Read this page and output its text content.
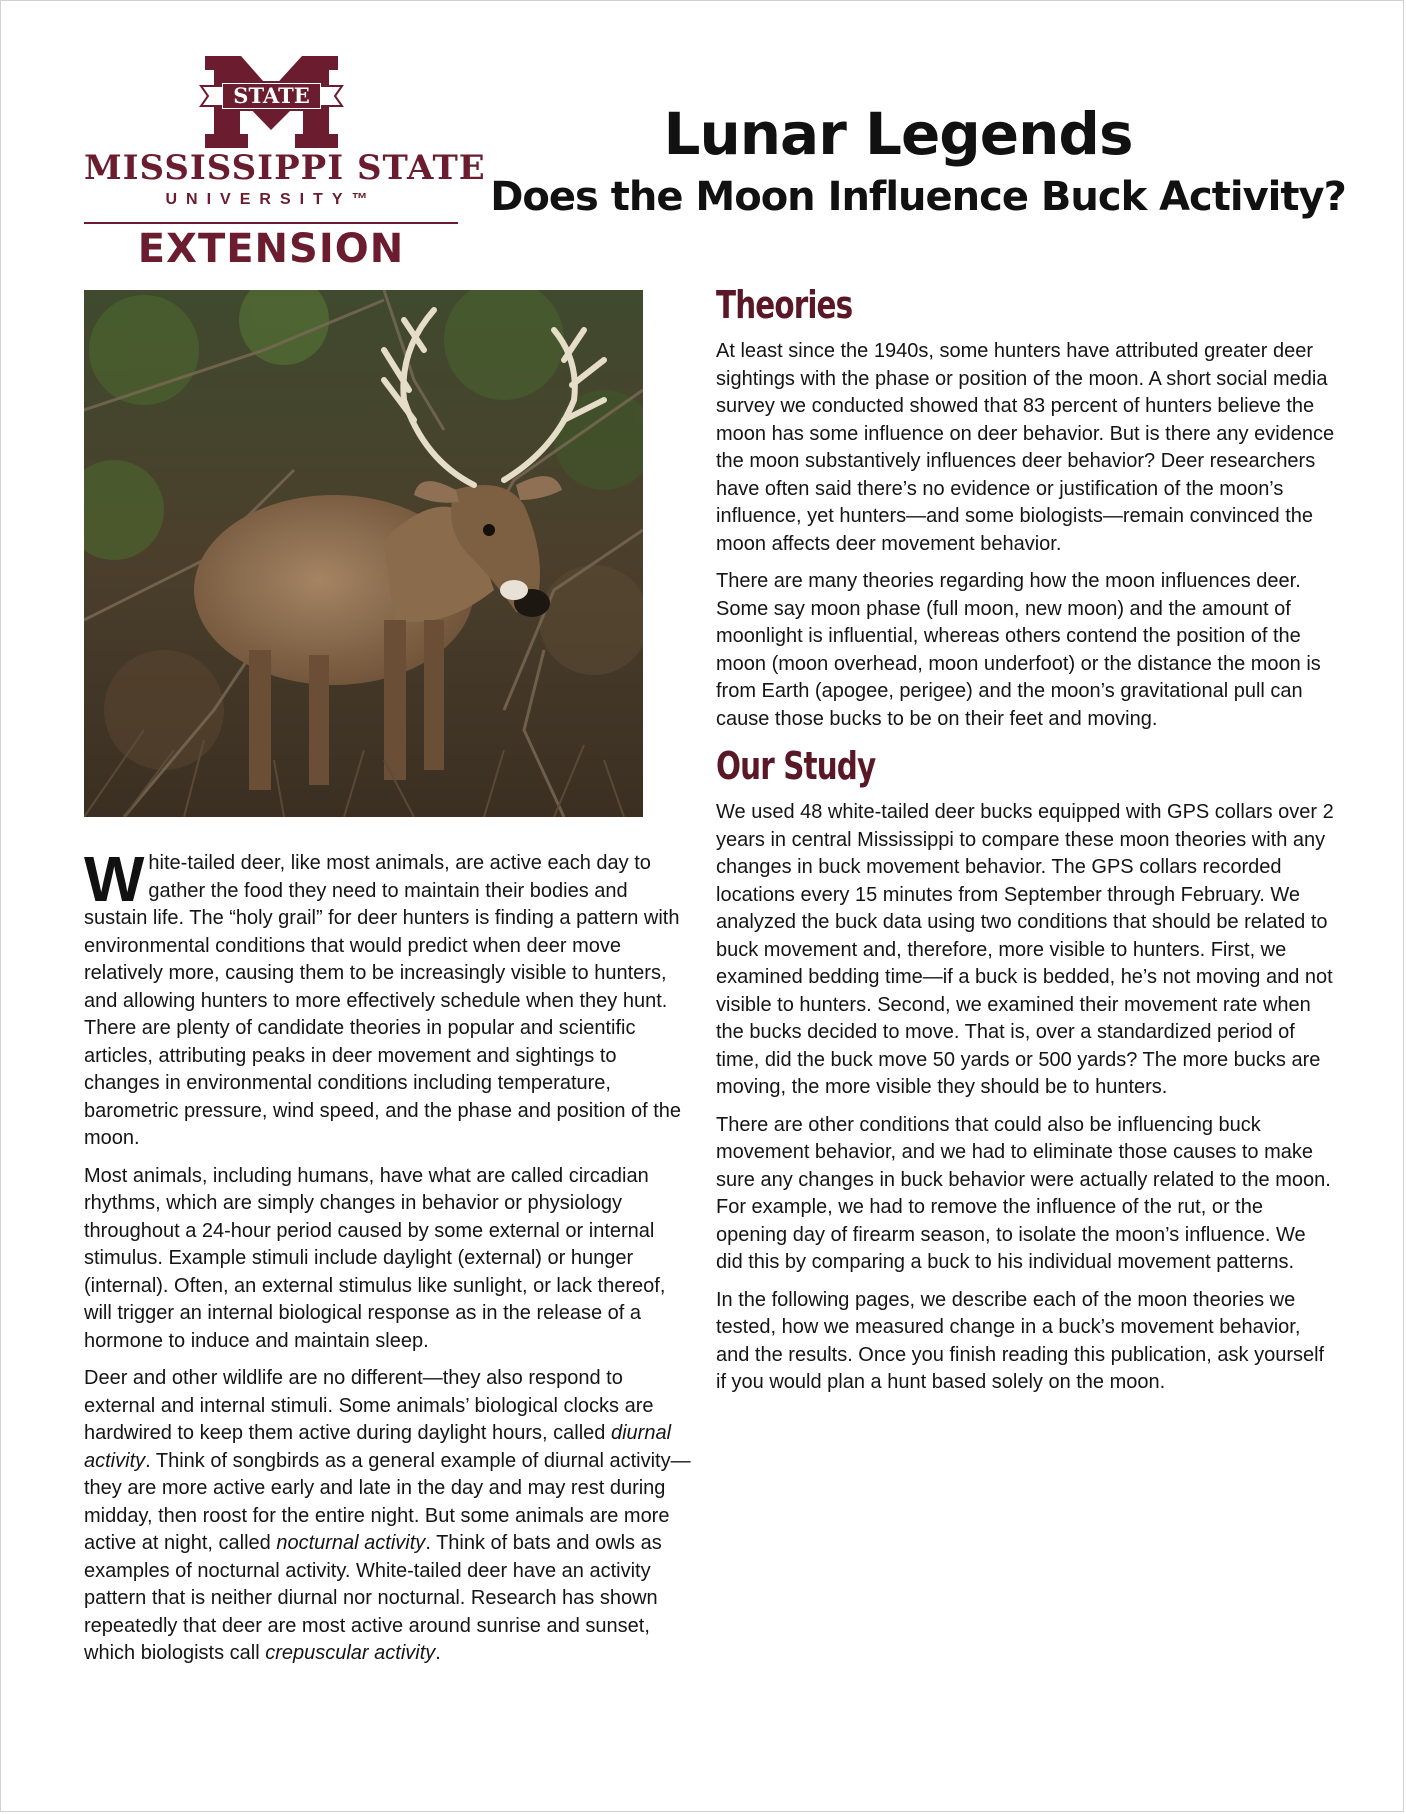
STATE
MISSISSIPPI STATE
UNIVERSITY™
EXTENSION
Lunar Legends
Does the Moon Influence Buck Activity?

White-tailed deer, like most animals, are active each day to gather the food they need to maintain their bodies and sustain life. The “holy grail” for deer hunters is finding a pattern with environmental conditions that would predict when deer move relatively more, causing them to be increasingly visible to hunters, and allowing hunters to more effectively schedule when they hunt. There are plenty of candidate theories in popular and scientific articles, attributing peaks in deer movement and sightings to changes in environmental conditions including temperature, barometric pressure, wind speed, and the phase and position of the moon.

Most animals, including humans, have what are called circadian rhythms, which are simply changes in behavior or physiology throughout a 24-hour period caused by some external or internal stimulus. Example stimuli include daylight (external) or hunger (internal). Often, an external stimulus like sunlight, or lack thereof, will trigger an internal biological response as in the release of a hormone to induce and maintain sleep.

Deer and other wildlife are no different—they also respond to external and internal stimuli. Some animals’ biological clocks are hardwired to keep them active during daylight hours, called diurnal activity. Think of songbirds as a general example of diurnal activity—they are more active early and late in the day and may rest during midday, then roost for the entire night. But some animals are more active at night, called nocturnal activity. Think of bats and owls as examples of nocturnal activity. White-tailed deer have an activity pattern that is neither diurnal nor nocturnal. Research has shown repeatedly that deer are most active around sunrise and sunset, which biologists call crepuscular activity.

Theories

At least since the 1940s, some hunters have attributed greater deer sightings with the phase or position of the moon. A short social media survey we conducted showed that 83 percent of hunters believe the moon has some influence on deer behavior. But is there any evidence the moon substantively influences deer behavior? Deer researchers have often said there’s no evidence or justification of the moon’s influence, yet hunters—and some biologists—remain convinced the moon affects deer movement behavior.

There are many theories regarding how the moon influences deer. Some say moon phase (full moon, new moon) and the amount of moonlight is influential, whereas others contend the position of the moon (moon overhead, moon underfoot) or the distance the moon is from Earth (apogee, perigee) and the moon’s gravitational pull can cause those bucks to be on their feet and moving.

Our Study

We used 48 white-tailed deer bucks equipped with GPS collars over 2 years in central Mississippi to compare these moon theories with any changes in buck movement behavior. The GPS collars recorded locations every 15 minutes from September through February. We analyzed the buck data using two conditions that should be related to buck movement and, therefore, more visible to hunters. First, we examined bedding time—if a buck is bedded, he’s not moving and not visible to hunters. Second, we examined their movement rate when the bucks decided to move. That is, over a standardized period of time, did the buck move 50 yards or 500 yards? The more bucks are moving, the more visible they should be to hunters.

There are other conditions that could also be influencing buck movement behavior, and we had to eliminate those causes to make sure any changes in buck behavior were actually related to the moon. For example, we had to remove the influence of the rut, or the opening day of firearm season, to isolate the moon’s influence. We did this by comparing a buck to his individual movement patterns.

In the following pages, we describe each of the moon theories we tested, how we measured change in a buck’s movement behavior, and the results. Once you finish reading this publication, ask yourself if you would plan a hunt based solely on the moon.
